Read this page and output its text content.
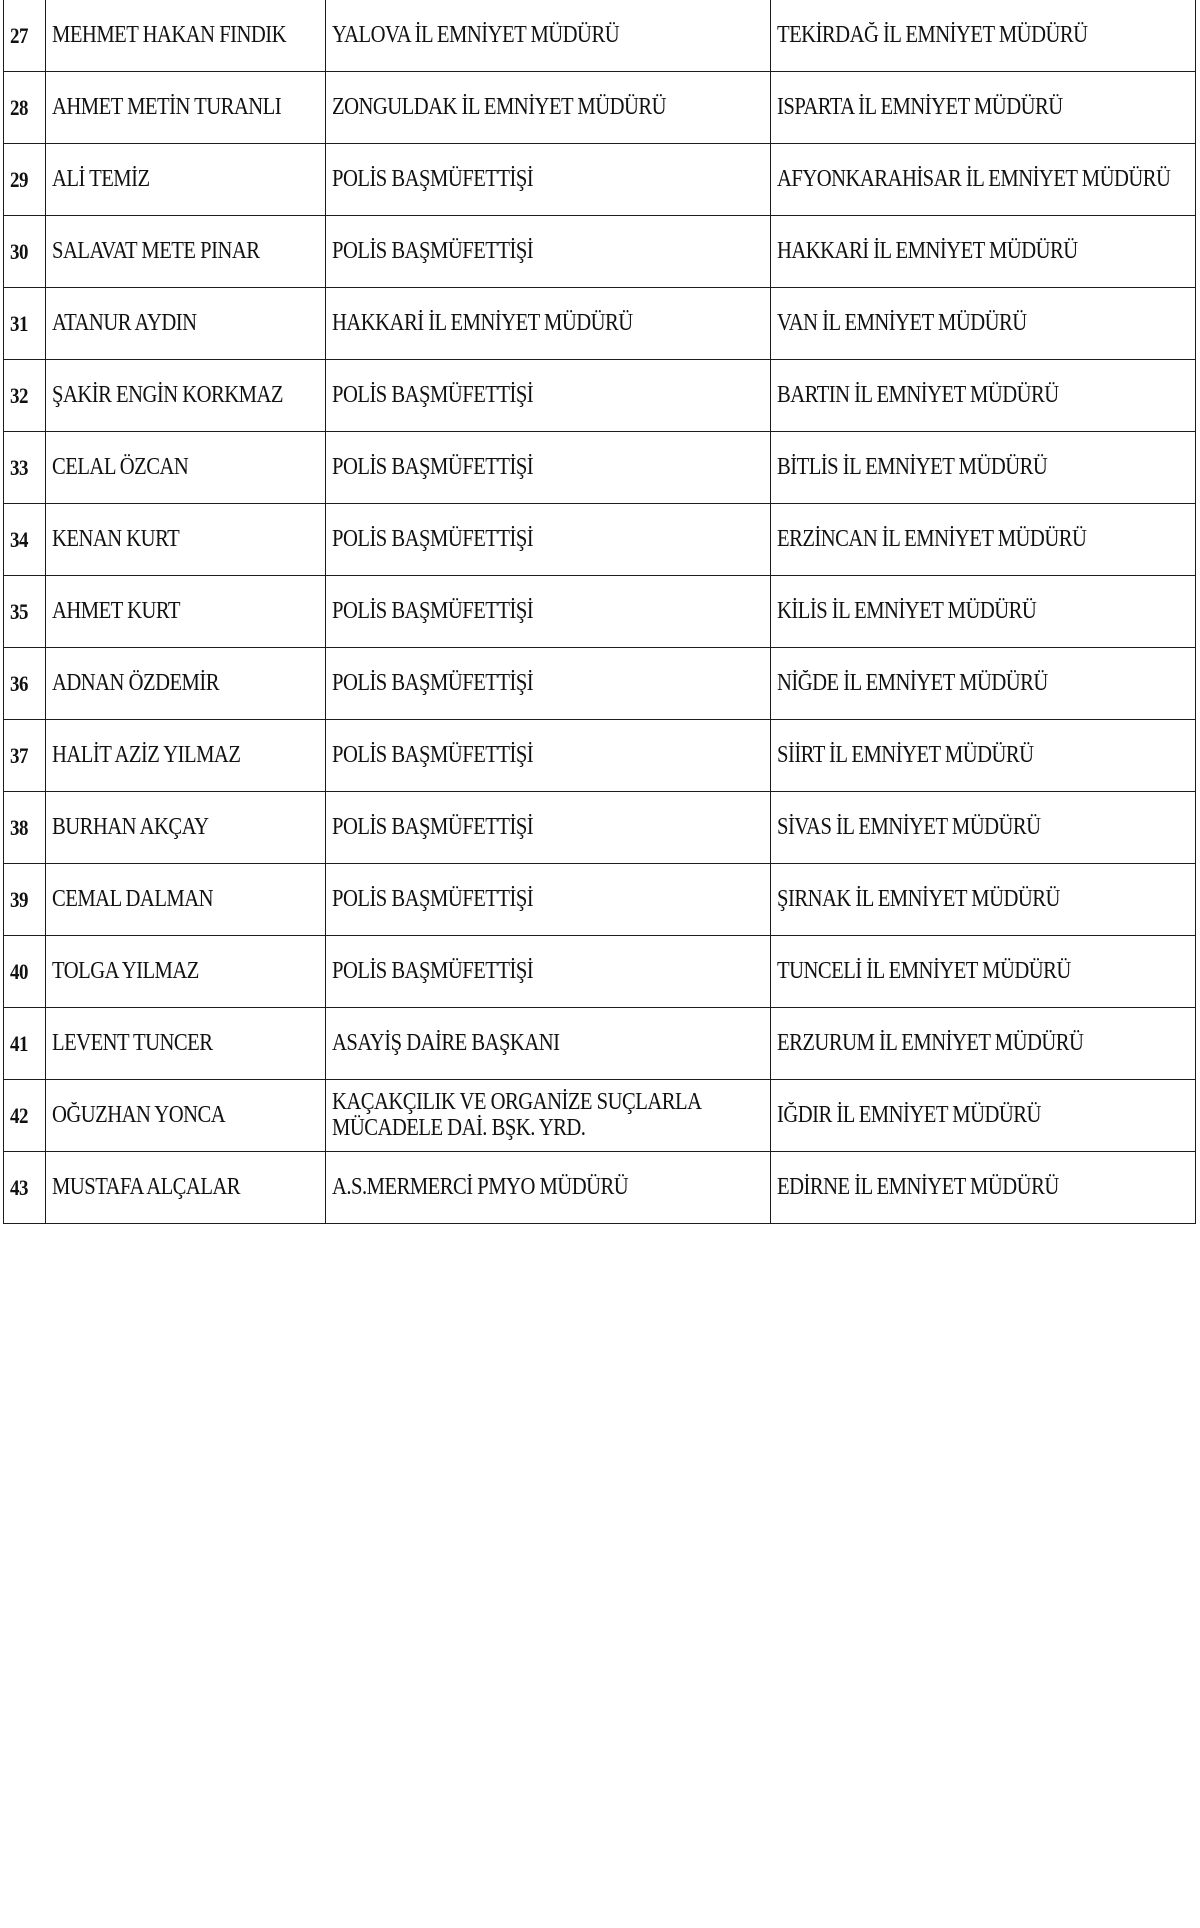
27	MEHMET HAKAN FINDIK	YALOVA İL EMNİYET MÜDÜRÜ	TEKİRDAĞ İL EMNİYET MÜDÜRÜ
28	AHMET METİN TURANLI	ZONGULDAK İL EMNİYET MÜDÜRÜ	ISPARTA İL EMNİYET MÜDÜRÜ
29	ALİ TEMİZ	POLİS BAŞMÜFETTİŞİ	AFYONKARAHİSAR İL EMNİYET MÜDÜRÜ
30	SALAVAT METE PINAR	POLİS BAŞMÜFETTİŞİ	HAKKARİ İL EMNİYET MÜDÜRÜ
31	ATANUR AYDIN	HAKKARİ İL EMNİYET MÜDÜRÜ	VAN İL EMNİYET MÜDÜRÜ
32	ŞAKİR ENGİN KORKMAZ	POLİS BAŞMÜFETTİŞİ	BARTIN İL EMNİYET MÜDÜRÜ
33	CELAL ÖZCAN	POLİS BAŞMÜFETTİŞİ	BİTLİS İL EMNİYET MÜDÜRÜ
34	KENAN KURT	POLİS BAŞMÜFETTİŞİ	ERZİNCAN İL EMNİYET MÜDÜRÜ
35	AHMET KURT	POLİS BAŞMÜFETTİŞİ	KİLİS İL EMNİYET MÜDÜRÜ
36	ADNAN ÖZDEMİR	POLİS BAŞMÜFETTİŞİ	NİĞDE İL EMNİYET MÜDÜRÜ
37	HALİT AZİZ YILMAZ	POLİS BAŞMÜFETTİŞİ	SİİRT İL EMNİYET MÜDÜRÜ
38	BURHAN AKÇAY	POLİS BAŞMÜFETTİŞİ	SİVAS İL EMNİYET MÜDÜRÜ
39	CEMAL DALMAN	POLİS BAŞMÜFETTİŞİ	ŞIRNAK İL EMNİYET MÜDÜRÜ
40	TOLGA YILMAZ	POLİS BAŞMÜFETTİŞİ	TUNCELİ İL EMNİYET MÜDÜRÜ
41	LEVENT TUNCER	ASAYİŞ DAİRE BAŞKANI	ERZURUM İL EMNİYET MÜDÜRÜ
42	OĞUZHAN YONCA	KAÇAKÇILIK VE ORGANİZE SUÇLARLA MÜCADELE DAİ. BŞK. YRD.	IĞDIR İL EMNİYET MÜDÜRÜ
43	MUSTAFA ALÇALAR	A.S.MERMERCİ PMYO MÜDÜRÜ	EDİRNE İL EMNİYET MÜDÜRÜ
